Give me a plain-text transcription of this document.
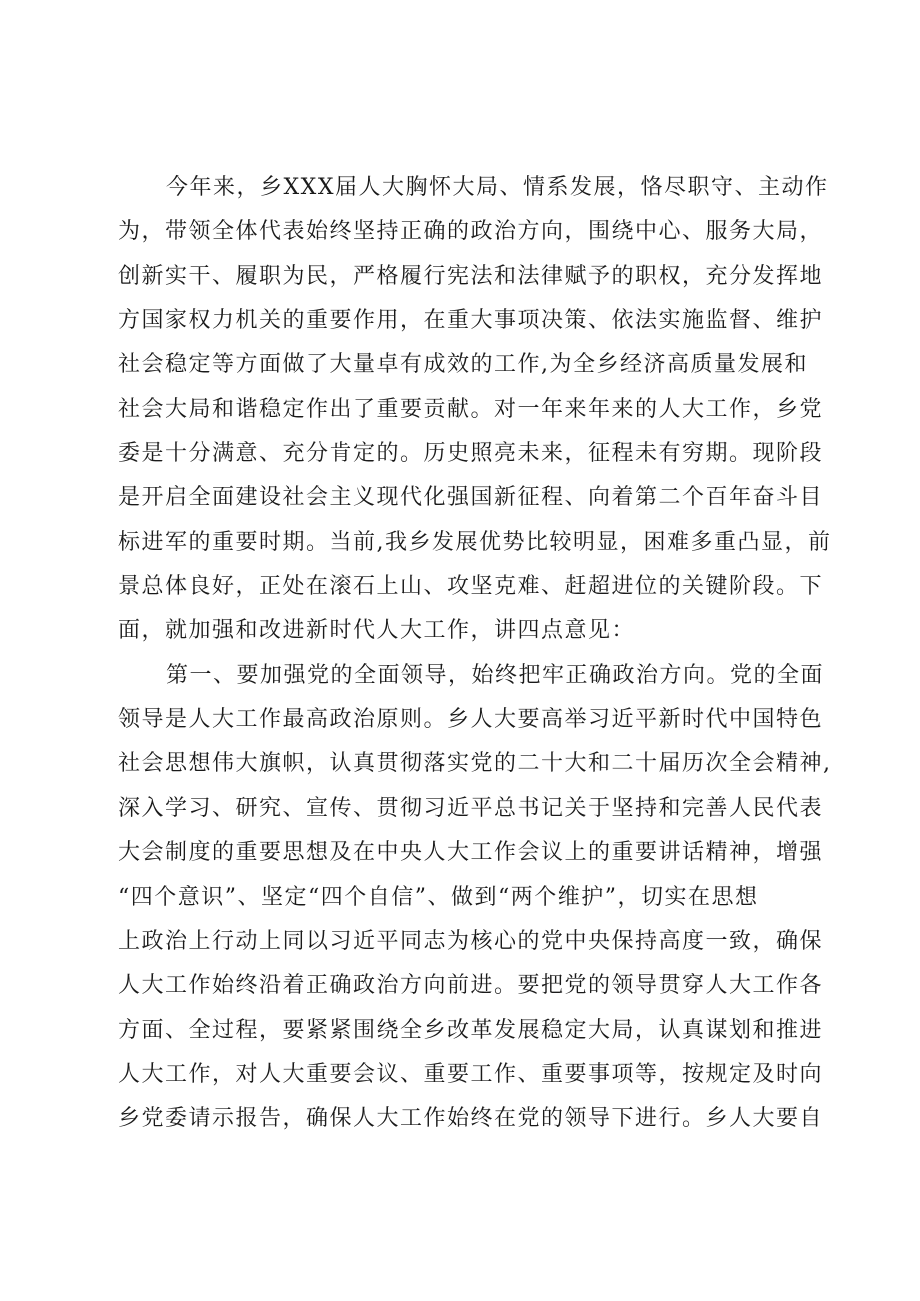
今年来，乡XXX届人大胸怀大局、情系发展，恪尽职守、主动作
为，带领全体代表始终坚持正确的政治方向，围绕中心、服务大局，
创新实干、履职为民，严格履行宪法和法律赋予的职权，充分发挥地
方国家权力机关的重要作用，在重大事项决策、依法实施监督、维护
社会稳定等方面做了大量卓有成效的工作,为全乡经济高质量发展和
社会大局和谐稳定作出了重要贡献。对一年来年来的人大工作，乡党
委是十分满意、充分肯定的。历史照亮未来，征程未有穷期。现阶段
是开启全面建设社会主义现代化强国新征程、向着第二个百年奋斗目
标进军的重要时期。当前,我乡发展优势比较明显，困难多重凸显，前
景总体良好，正处在滚石上山、攻坚克难、赶超进位的关键阶段。下
面，就加强和改进新时代人大工作，讲四点意见：
第一、要加强党的全面领导，始终把牢正确政治方向。党的全面
领导是人大工作最高政治原则。乡人大要高举习近平新时代中国特色
社会思想伟大旗帜，认真贯彻落实党的二十大和二十届历次全会精神,
深入学习、研究、宣传、贯彻习近平总书记关于坚持和完善人民代表
大会制度的重要思想及在中央人大工作会议上的重要讲话精神，增强
“四个意识”、坚定“四个自信”、做到“两个维护”，切实在思想
上政治上行动上同以习近平同志为核心的党中央保持高度一致，确保
人大工作始终沿着正确政治方向前进。要把党的领导贯穿人大工作各
方面、全过程，要紧紧围绕全乡改革发展稳定大局，认真谋划和推进
人大工作，对人大重要会议、重要工作、重要事项等，按规定及时向
乡党委请示报告，确保人大工作始终在党的领导下进行。乡人大要自
